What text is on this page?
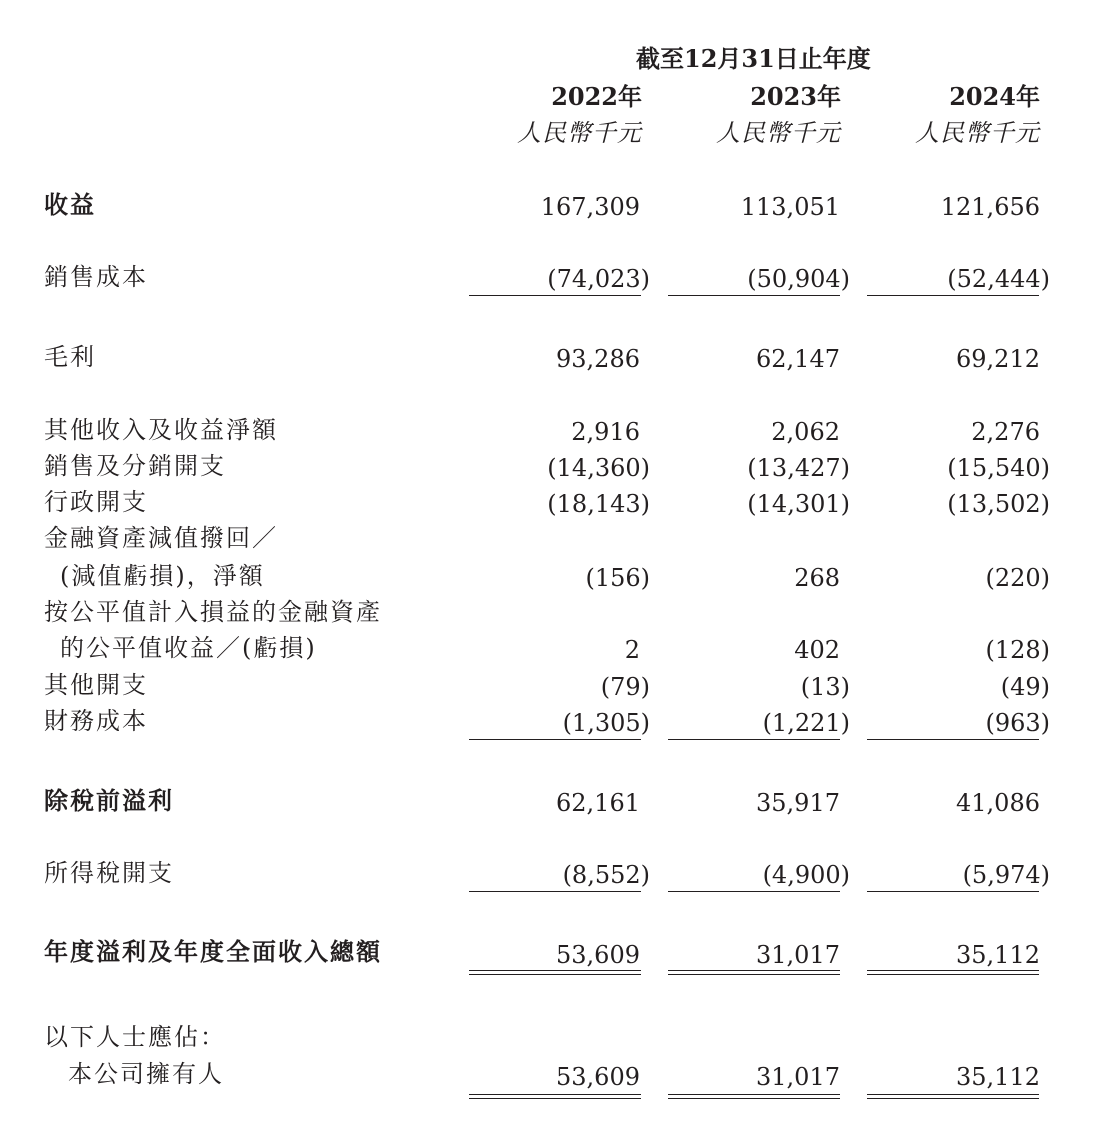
截至12月31日止年度
2022年	2023年	2024年
人民幣千元	人民幣千元	人民幣千元
收益	167,309	113,051	121,656
銷售成本	(74,023)	(50,904)	(52,444)
毛利	93,286	62,147	69,212
其他收入及收益淨額	2,916	2,062	2,276
銷售及分銷開支	(14,360)	(13,427)	(15,540)
行政開支	(18,143)	(14,301)	(13,502)
金融資產減值撥回／
(減值虧損)，淨額	(156)	268	(220)
按公平值計入損益的金融資產
的公平值收益／(虧損)	2	402	(128)
其他開支	(79)	(13)	(49)
財務成本	(1,305)	(1,221)	(963)
除稅前溢利	62,161	35,917	41,086
所得稅開支	(8,552)	(4,900)	(5,974)
年度溢利及年度全面收入總額	53,609	31,017	35,112
以下人士應佔：
本公司擁有人	53,609	31,017	35,112
